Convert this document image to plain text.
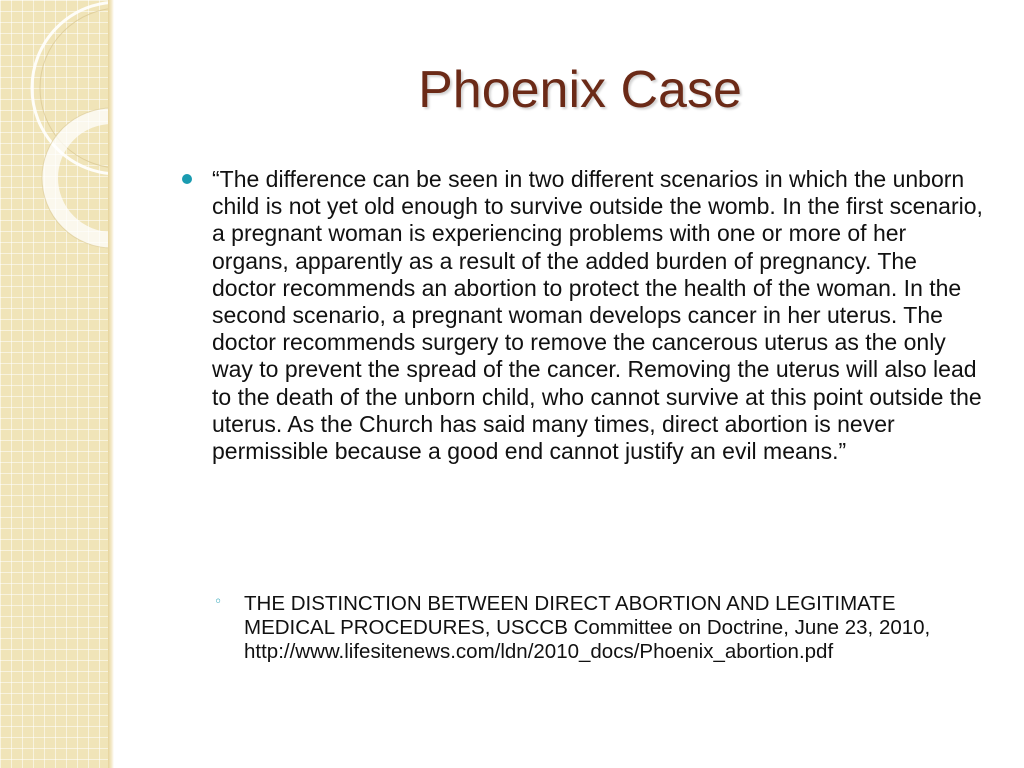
Phoenix Case
“The difference can be seen in two different scenarios in which the unborn child is not yet old enough to survive outside the womb. In the first scenario, a pregnant woman is experiencing problems with one or more of her organs, apparently as a result of the added burden of pregnancy. The doctor recommends an abortion to protect the health of the woman. In the second scenario, a pregnant woman develops cancer in her uterus. The doctor recommends surgery to remove the cancerous uterus as the only way to prevent the spread of the cancer. Removing the uterus will also lead to the death of the unborn child, who cannot survive at this point outside the uterus. As the Church has said many times, direct abortion is never permissible because a good end cannot justify an evil means.”
◦ THE DISTINCTION BETWEEN DIRECT ABORTION AND LEGITIMATE MEDICAL PROCEDURES, USCCB Committee on Doctrine, June 23, 2010, http://www.lifesitenews.com/ldn/2010_docs/Phoenix_abortion.pdf
